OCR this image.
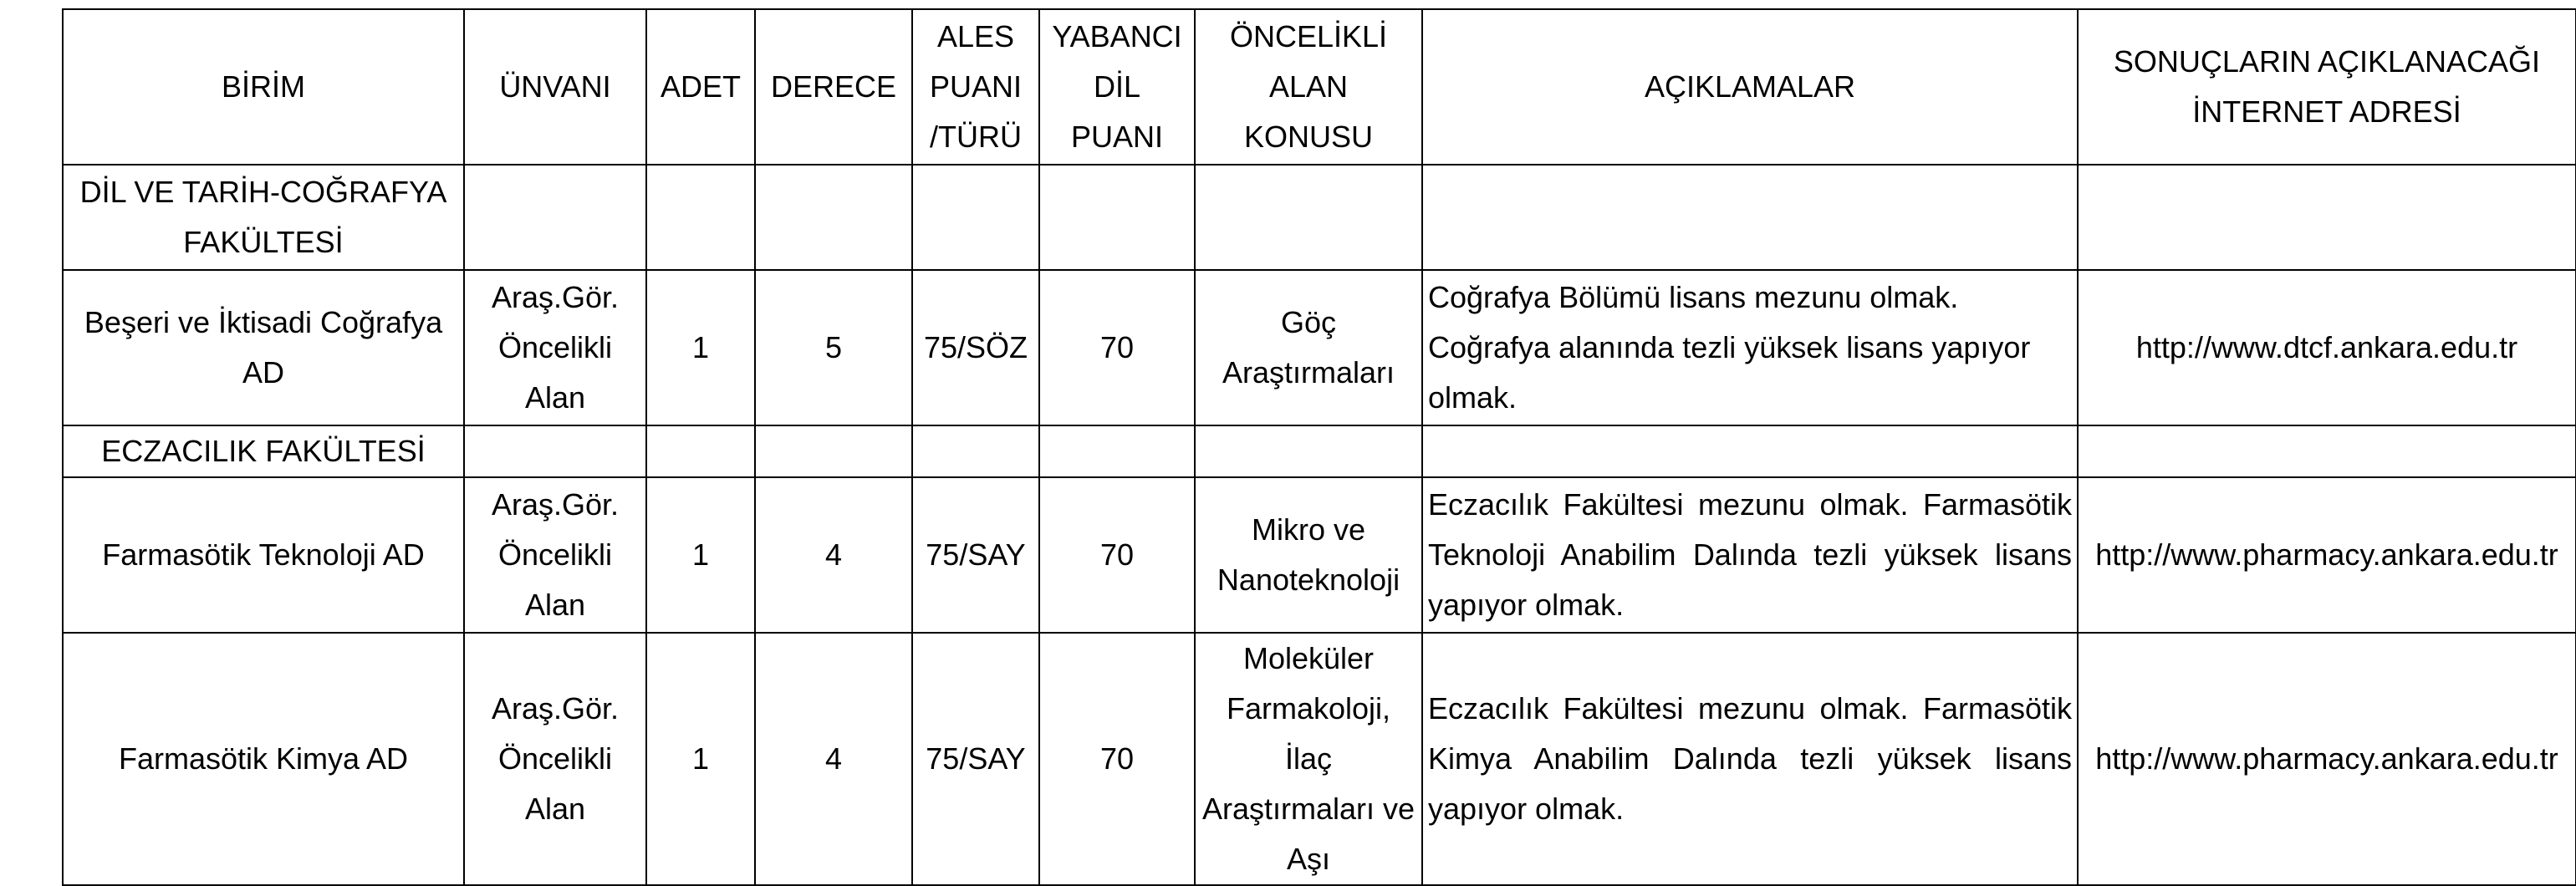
BİRİM	ÜNVANI	ADET	DERECE	ALES PUANI /TÜRÜ	YABANCI DİL PUANI	ÖNCELİKLİ ALAN KONUSU	AÇIKLAMALAR	SONUÇLARIN AÇIKLANACAĞI İNTERNET ADRESİ
DİL VE TARİH-COĞRAFYA FAKÜLTESİ								
Beşeri ve İktisadi Coğrafya AD	Araş.Gör. Öncelikli Alan	1	5	75/SÖZ	70	Göç Araştırmaları	Coğrafya Bölümü lisans mezunu olmak. Coğrafya alanında tezli yüksek lisans yapıyor olmak.	http://www.dtcf.ankara.edu.tr
ECZACILIK FAKÜLTESİ								
Farmasötik Teknoloji AD	Araş.Gör. Öncelikli Alan	1	4	75/SAY	70	Mikro ve Nanoteknoloji	Eczacılık Fakültesi mezunu olmak. Farmasötik Teknoloji Anabilim Dalında tezli yüksek lisans yapıyor olmak.	http://www.pharmacy.ankara.edu.tr
Farmasötik Kimya AD	Araş.Gör. Öncelikli Alan	1	4	75/SAY	70	Moleküler Farmakoloji, İlaç Araştırmaları ve Aşı	Eczacılık Fakültesi mezunu olmak. Farmasötik Kimya Anabilim Dalında tezli yüksek lisans yapıyor olmak.	http://www.pharmacy.ankara.edu.tr
